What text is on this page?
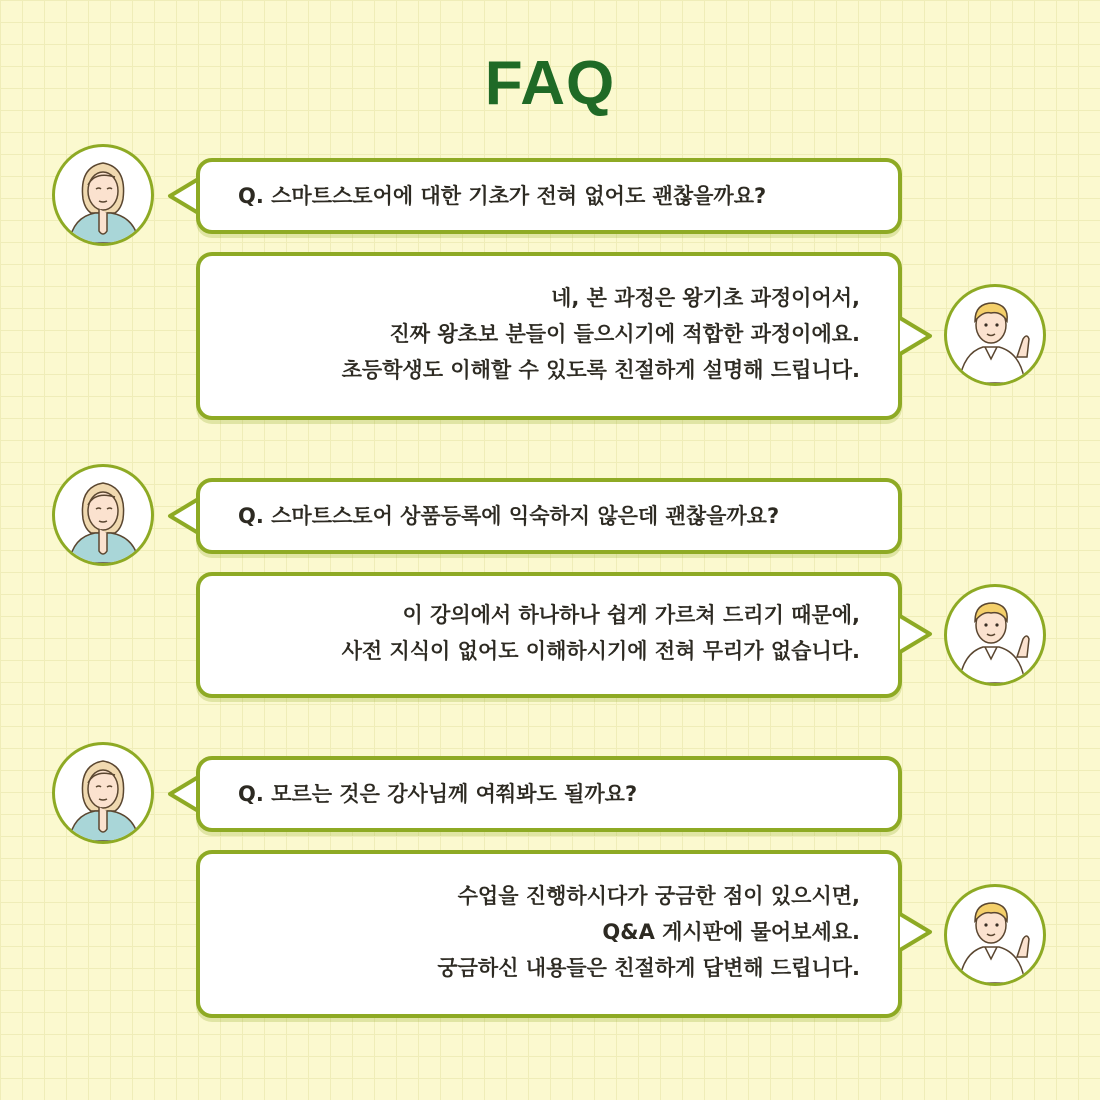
FAQ
Q. 스마트스토어에 대한 기초가 전혀 없어도 괜찮을까요?
네, 본 과정은 왕기초 과정이어서,
진짜 왕초보 분들이 들으시기에 적합한 과정이에요.
초등학생도 이해할 수 있도록 친절하게 설명해 드립니다.
Q. 스마트스토어 상품등록에 익숙하지 않은데 괜찮을까요?
이 강의에서 하나하나 쉽게 가르쳐 드리기 때문에,
사전 지식이 없어도 이해하시기에 전혀 무리가 없습니다.
Q. 모르는 것은 강사님께 여쭤봐도 될까요?
수업을 진행하시다가 궁금한 점이 있으시면,
Q&A 게시판에 물어보세요.
궁금하신 내용들은 친절하게 답변해 드립니다.
